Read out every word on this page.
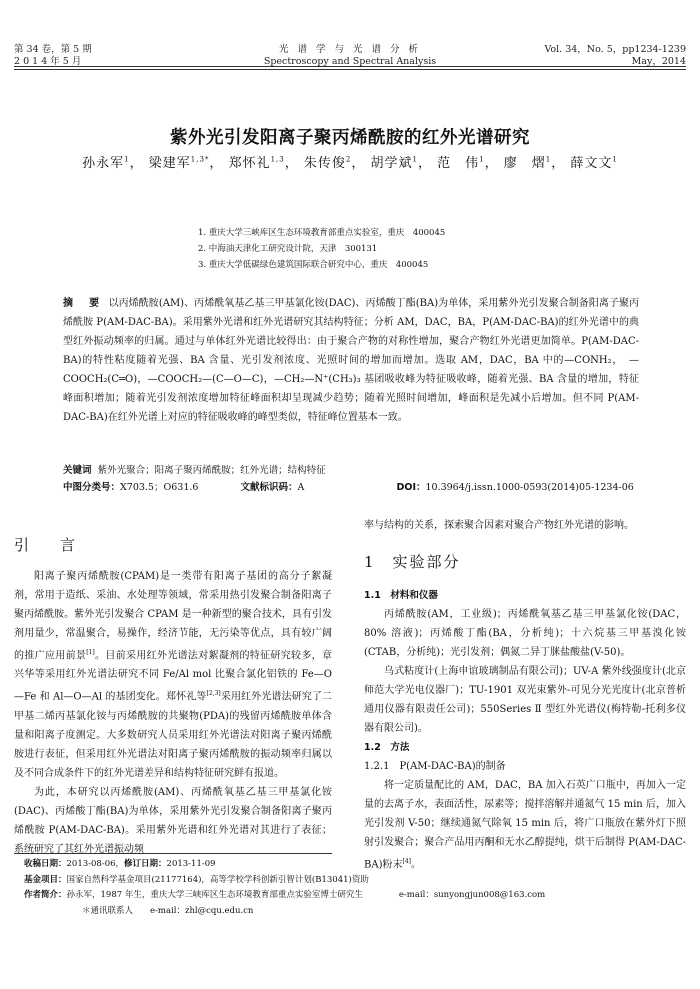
第 34 卷，第 5 期
2 0 1 4 年 5 月
光 谱 学 与 光 谱 分 析
Spectroscopy and Spectral Analysis
Vol. 34，No. 5，pp1234-1239
May，2014
紫外光引发阳离子聚丙烯酰胺的红外光谱研究
孙永军$^1$， 梁建军$^{1,3*}$， 郑怀礼$^{1,3}$， 朱传俊$^2$， 胡学斌$^1$， 范　伟$^1$， 廖　熠$^1$， 薛文文$^1$
1. 重庆大学三峡库区生态环境教育部重点实验室，重庆　400045
2. 中海油天津化工研究设计院，天津　300131
3. 重庆大学低碳绿色建筑国际联合研究中心，重庆　400045
摘　要 以丙烯酰胺(AM)、丙烯酰氧基乙基三甲基氯化铵(DAC)、丙烯酸丁酯(BA)为单体，采用紫外光引发聚合制备阳离子聚丙烯酰胺 P(AM-DAC-BA)。采用紫外光谱和红外光谱研究其结构特征；分析 AM，DAC，BA，P(AM-DAC-BA)的红外光谱中的典型红外振动频率的归属。通过与单体红外光谱比较得出：由于聚合产物的对称性增加，聚合产物红外光谱更加简单。P(AM-DAC-BA)的特性粘度随着光强、BA 含量、光引发剂浓度、光照时间的增加而增加。选取 AM，DAC，BA 中的—CONH₂，　—COOCH₂(C═O)，—COOCH₂—(C—O—C)，—CH₂—N⁺(CH₃)₃ 基团吸收峰为特征吸收峰，随着光强、BA 含量的增加，特征峰面积增加；随着光引发剂浓度增加特征峰面积却呈现减少趋势；随着光照时间增加，峰面积是先减小后增加。但不同 P(AM-DAC-BA)在红外光谱上对应的特征吸收峰的峰型类似，特征峰位置基本一致。
关键词 紫外光聚合；阳离子聚丙烯酰胺；红外光谱；结构特征
中图分类号：X703.5；O631.6	文献标识码：A	DOI：10.3964/j.issn.1000-0593(2014)05-1234-06
引　言

阳离子聚丙烯酰胺(CPAM)是一类带有阳离子基团的高分子絮凝剂，常用于造纸、采油、水处理等领域，常采用热引发聚合制备阳离子聚丙烯酰胺。紫外光引发聚合 CPAM 是一种新型的聚合技术，具有引发剂用量少，常温聚合，易操作，经济节能，无污染等优点，具有较广阔的推广应用前景[1]。目前采用红外光谱法对絮凝剂的特征研究较多，章兴华等采用红外光谱法研究不同 Fe/Al mol 比聚合氯化铝铁的 Fe—O—Fe 和 Al—O—Al 的基团变化。郑怀礼等[2,3]采用红外光谱法研究了二甲基二烯丙基氯化铵与丙烯酰胺的共聚物(PDA)的残留丙烯酰胺单体含量和阳离子度测定。大多数研究人员采用红外光谱法对阳离子聚丙烯酰胺进行表征，但采用红外光谱法对阳离子聚丙烯酰胺的振动频率归属以及不同合成条件下的红外光谱差异和结构特征研究鲜有报道。

为此，本研究以丙烯酰胺(AM)、丙烯酰氧基乙基三甲基氯化铵(DAC)、丙烯酸丁酯(BA)为单体，采用紫外光引发聚合制备阳离子聚丙烯酰胺 P(AM-DAC-BA)。采用紫外光谱和红外光谱对其进行了表征；系统研究了其红外光谱振动频

率与结构的关系，探索聚合因素对聚合产物红外光谱的影响。

1　实验部分
1.1　材料和仪器

丙烯酰胺(AM，工业级)；丙烯酰氧基乙基三甲基氯化铵(DAC，80% 溶液)；丙烯酸丁酯(BA，分析纯)；十六烷基三甲基溴化铵(CTAB，分析纯)；光引发剂；偶氮二异丁脒盐酸盐(V-50)。

乌式粘度计(上海申谊玻璃制品有限公司)；UV-A 紫外线强度计(北京师范大学光电仪器厂)；TU-1901 双光束紫外-可见分光光度计(北京普析通用仪器有限责任公司)；550Series Ⅱ 型红外光谱仪(梅特勒-托利多仪器有限公司)。

1.2　方法
1.2.1　P(AM-DAC-BA)的制备

将一定质量配比的 AM，DAC，BA 加入石英广口瓶中，再加入一定量的去离子水，表面活性，尿素等；搅拌溶解并通氮气 15 min 后，加入光引发剂 V-50；继续通氮气除氧 15 min 后，将广口瓶放在紫外灯下照射引发聚合；聚合产品用丙酮和无水乙醇提纯，烘干后制得 P(AM-DAC-BA)粉末[4]。

收稿日期：2013-08-06，修订日期：2013-11-09
基金项目：国家自然科学基金项目(21177164)，高等学校学科创新引智计划(B13041)资助
作者简介：孙永军，1987 年生，重庆大学三峡库区生态环境教育部重点实验室博士研究生	e-mail：sunyongjun008@163.com
＊通讯联系人　　e-mail：zhl@cqu.edu.cn
